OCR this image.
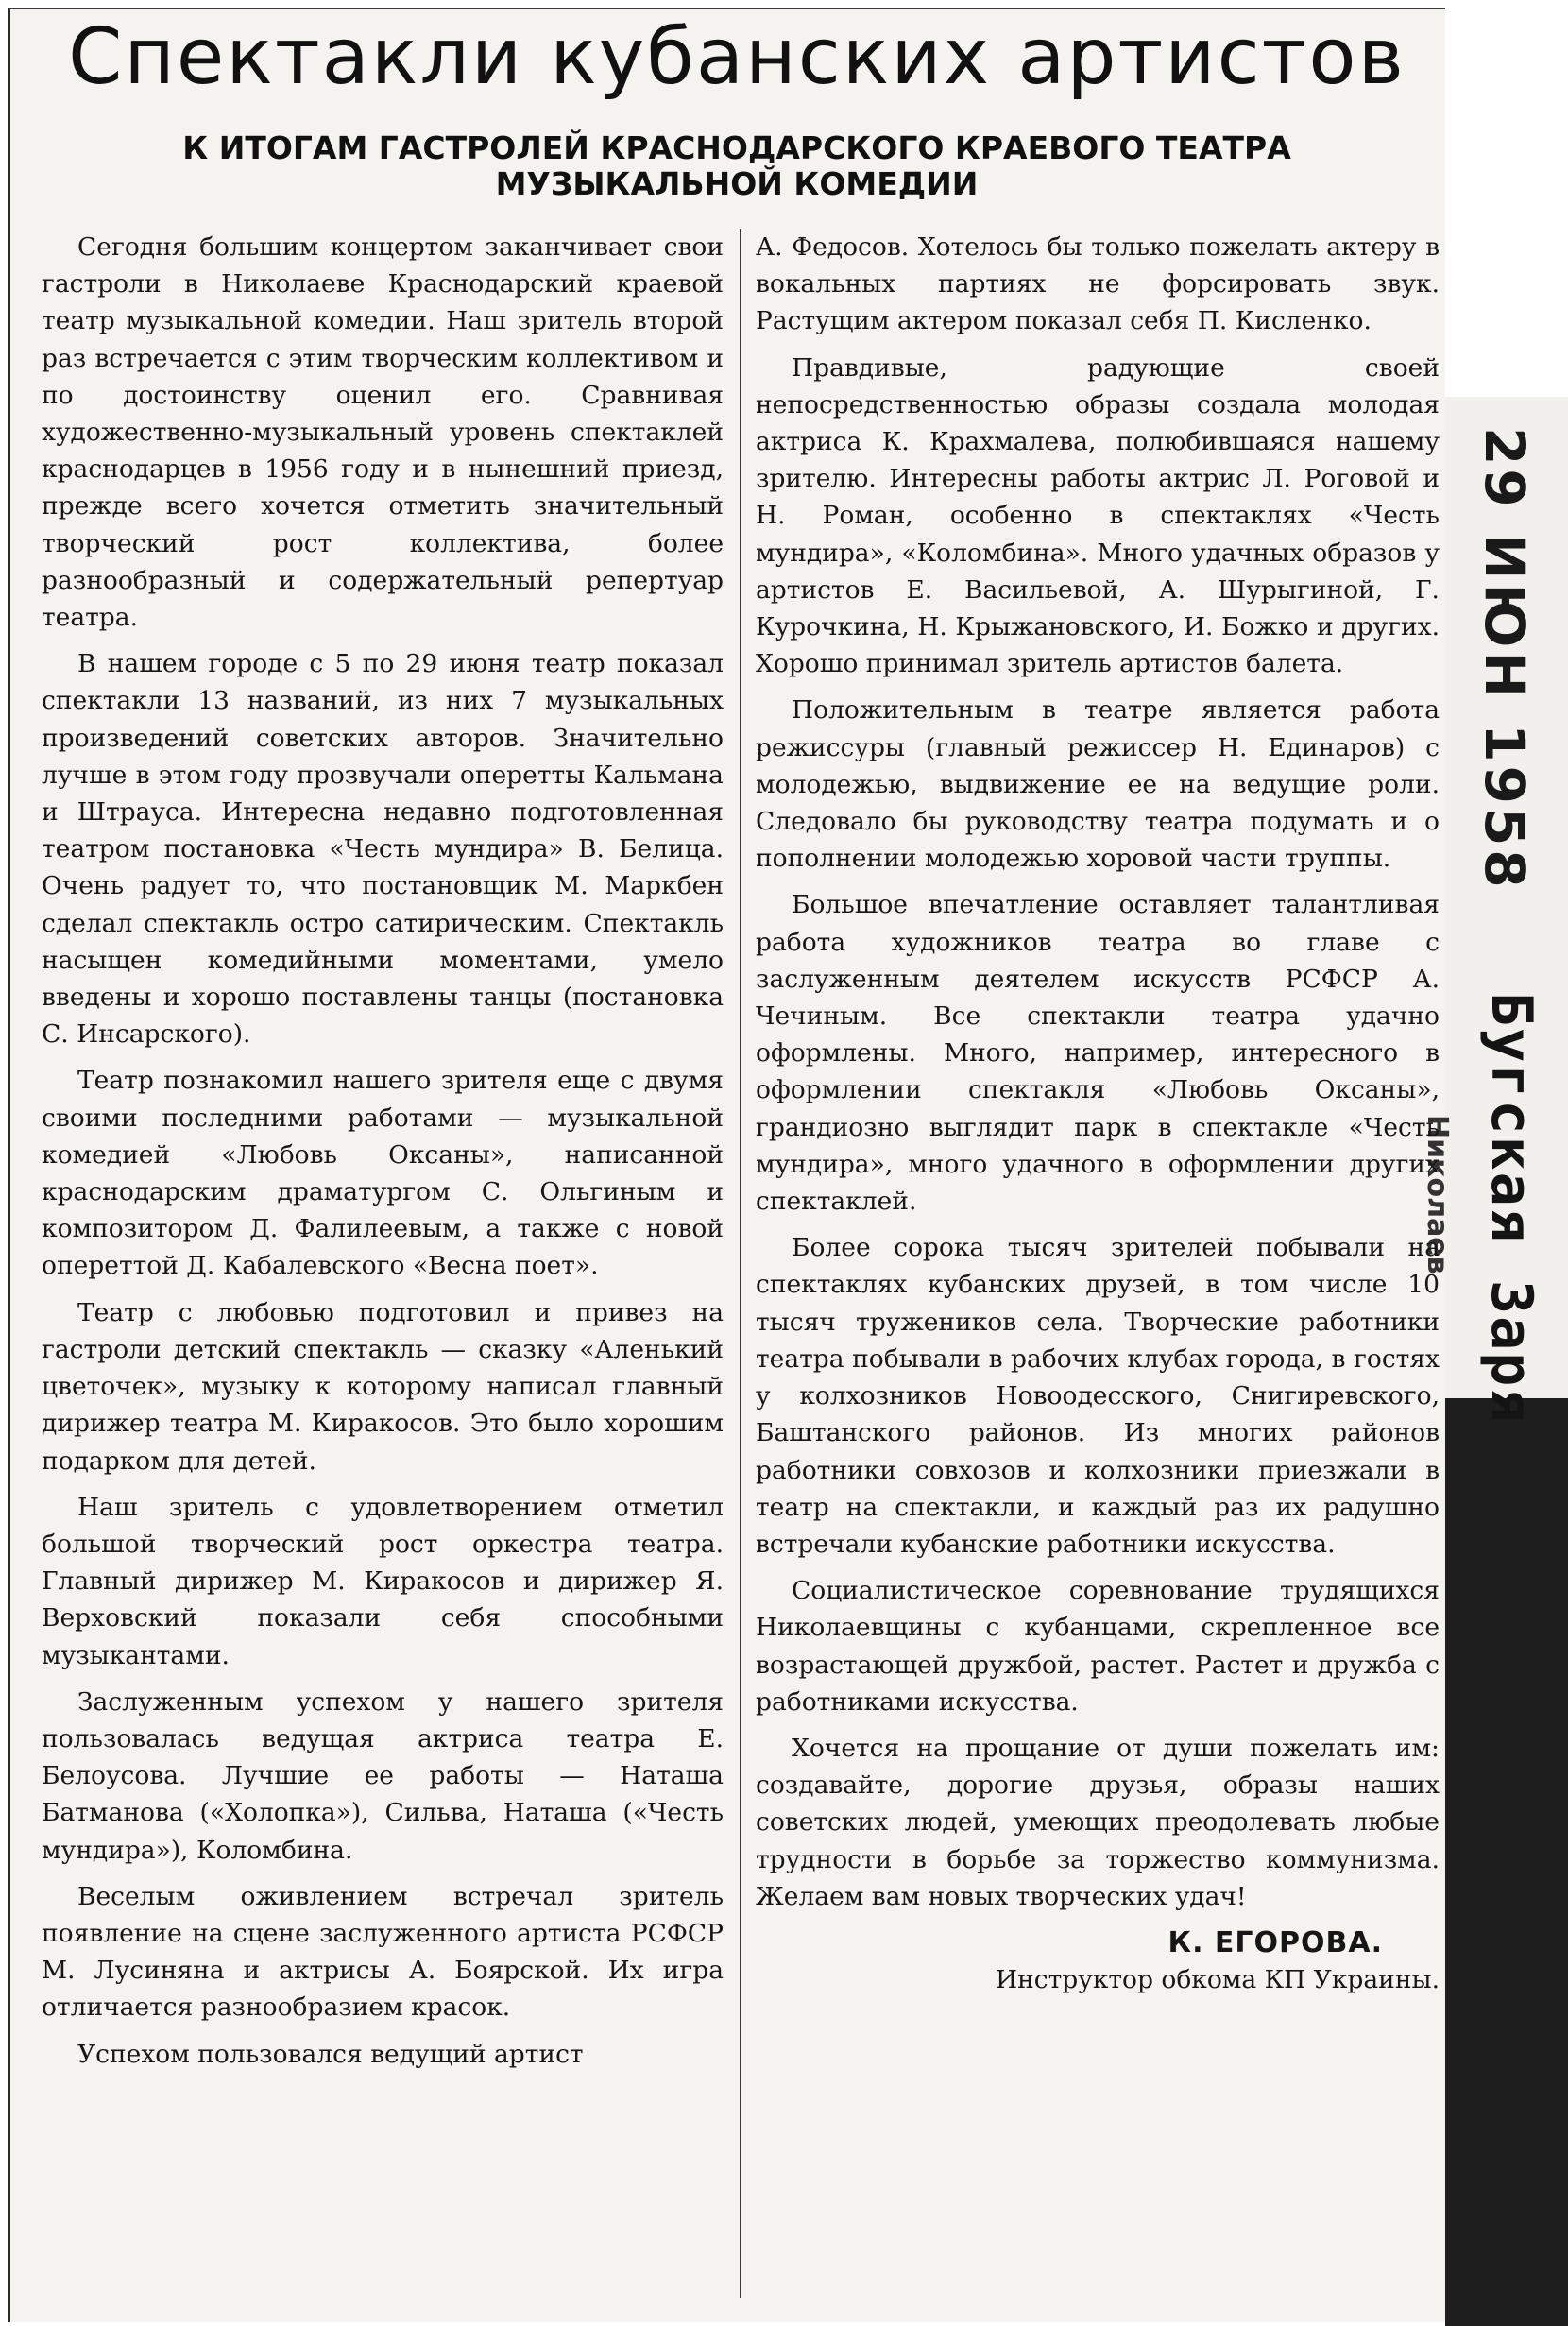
29 ИЮН 1958
Бугская Заря
Николаев
Спектакли кубанских артистов
К ИТОГАМ ГАСТРОЛЕЙ КРАСНОДАРСКОГО КРАЕВОГО ТЕАТРА МУЗЫКАЛЬНОЙ КОМЕДИИ

Сегодня большим концертом заканчивает свои гастроли в Николаеве Краснодарский краевой театр музыкальной комедии. Наш зритель второй раз встречается с этим творческим коллективом и по достоинству оценил его. Сравнивая художественно-музыкальный уровень спектаклей краснодарцев в 1956 году и в нынешний приезд, прежде всего хочется отметить значительный творческий рост коллектива, более разнообразный и содержательный репертуар театра.

В нашем городе с 5 по 29 июня театр показал спектакли 13 названий, из них 7 музыкальных произведений советских авторов. Значительно лучше в этом году прозвучали оперетты Кальмана и Штрауса. Интересна недавно подготовленная театром постановка «Честь мундира» В. Белица. Очень радует то, что постановщик М. Маркбен сделал спектакль остро сатирическим. Спектакль насыщен комедийными моментами, умело введены и хорошо поставлены танцы (постановка С. Инсарского).

Театр познакомил нашего зрителя еще с двумя своими последними работами — музыкальной комедией «Любовь Оксаны», написанной краснодарским драматургом С. Ольгиным и композитором Д. Фалилеевым, а также с новой опереттой Д. Кабалевского «Весна поет».

Театр с любовью подготовил и привез на гастроли детский спектакль — сказку «Аленький цветочек», музыку к которому написал главный дирижер театра М. Киракосов. Это было хорошим подарком для детей.

Наш зритель с удовлетворением отметил большой творческий рост оркестра театра. Главный дирижер М. Киракосов и дирижер Я. Верховский показали себя способными музыкантами.

Заслуженным успехом у нашего зрителя пользовалась ведущая актриса театра Е. Белоусова. Лучшие ее работы — Наташа Батманова («Холопка»), Сильва, Наташа («Честь мундира»), Коломбина.

Веселым оживлением встречал зритель появление на сцене заслуженного артиста РСФСР М. Лусиняна и актрисы А. Боярской. Их игра отличается разнообразием красок.

Успехом пользовался ведущий артист

А. Федосов. Хотелось бы только пожелать актеру в вокальных партиях не форсировать звук. Растущим актером показал себя П. Кисленко.

Правдивые, радующие своей непосредственностью образы создала молодая актриса К. Крахмалева, полюбившаяся нашему зрителю. Интересны работы актрис Л. Роговой и Н. Роман, особенно в спектаклях «Честь мундира», «Коломбина». Много удачных образов у артистов Е. Васильевой, А. Шурыгиной, Г. Курочкина, Н. Крыжановского, И. Божко и других. Хорошо принимал зритель артистов балета.

Положительным в театре является работа режиссуры (главный режиссер Н. Единаров) с молодежью, выдвижение ее на ведущие роли. Следовало бы руководству театра подумать и о пополнении молодежью хоровой части труппы.

Большое впечатление оставляет талантливая работа художников театра во главе с заслуженным деятелем искусств РСФСР А. Чечиным. Все спектакли театра удачно оформлены. Много, например, интересного в оформлении спектакля «Любовь Оксаны», грандиозно выглядит парк в спектакле «Честь мундира», много удачного в оформлении других спектаклей.

Более сорока тысяч зрителей побывали на спектаклях кубанских друзей, в том числе 10 тысяч тружеников села. Творческие работники театра побывали в рабочих клубах города, в гостях у колхозников Новоодесского, Снигиревского, Баштанского районов. Из многих районов работники совхозов и колхозники приезжали в театр на спектакли, и каждый раз их радушно встречали кубанские работники искусства.

Социалистическое соревнование трудящихся Николаевщины с кубанцами, скрепленное все возрастающей дружбой, растет. Растет и дружба с работниками искусства.

Хочется на прощание от души пожелать им: создавайте, дорогие друзья, образы наших советских людей, умеющих преодолевать любые трудности в борьбе за торжество коммунизма. Желаем вам новых творческих удач!

К. ЕГОРОВА.

Инструктор обкома КП Украины.
